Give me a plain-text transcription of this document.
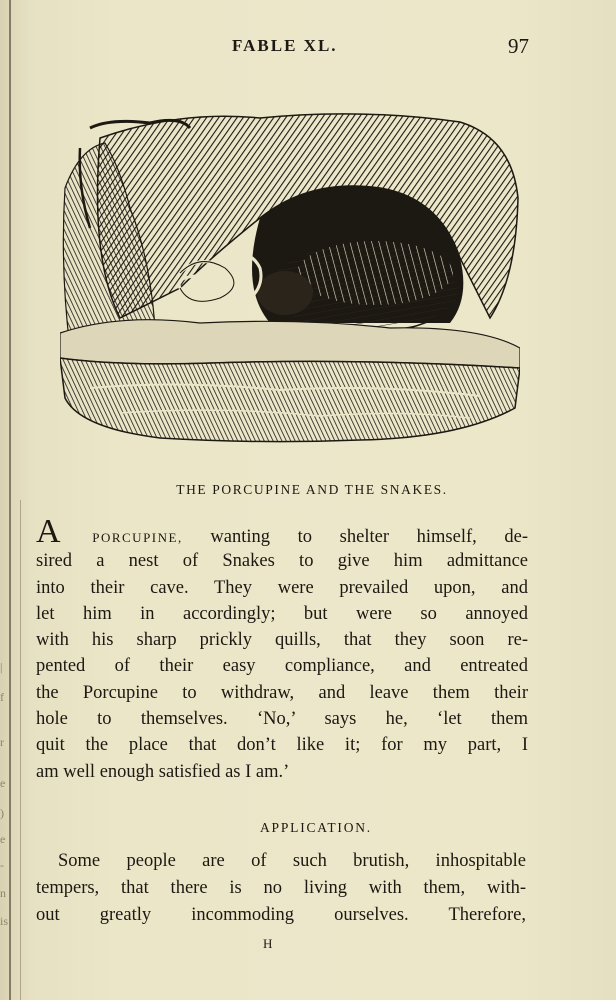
|
f
r
e
)
e
-
n
is
FABLE XL.	97
THE PORCUPINE AND THE SNAKES.
A PORCUPINE, wanting to shelter himself, de-
sired a nest of Snakes to give him admittance
into their cave. They were prevailed upon, and
let him in accordingly; but were so annoyed
with his sharp prickly quills, that they soon re-
pented of their easy compliance, and entreated
the Porcupine to withdraw, and leave them their
hole to themselves. ‘No,’ says he, ‘let them
quit the place that don’t like it; for my part, I
am well enough satisfied as I am.’
APPLICATION.
Some people are of such brutish, inhospitable
tempers, that there is no living with them, with-
out greatly incommoding ourselves. Therefore,
H
